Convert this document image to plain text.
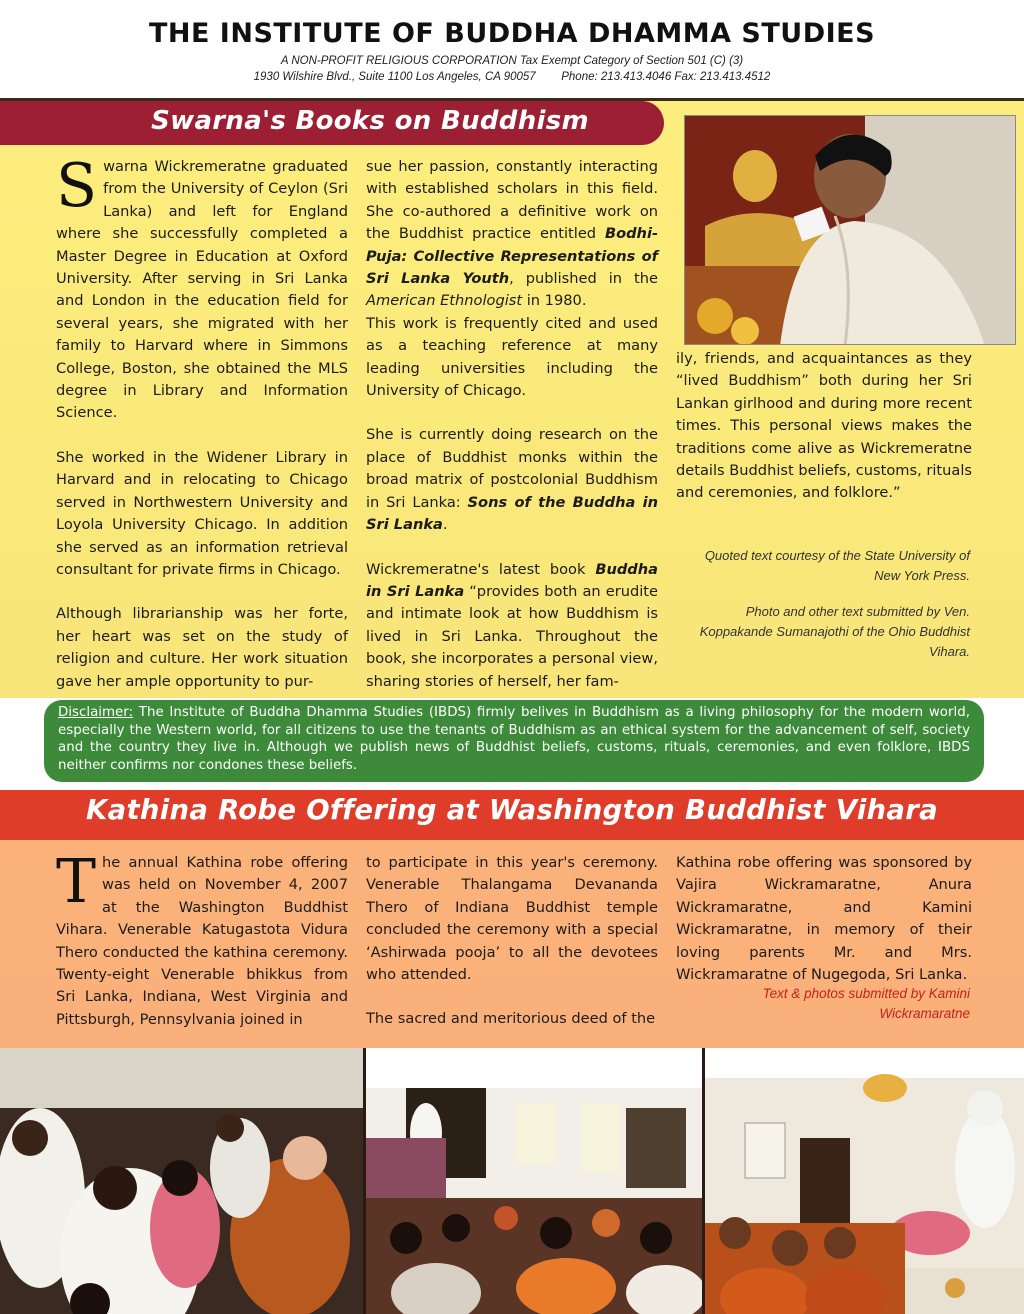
THE INSTITUTE OF BUDDHA DHAMMA STUDIES
A NON-PROFIT RELIGIOUS CORPORATION Tax Exempt Category of Section 501 (C) (3)
1930 Wilshire Blvd., Suite 1100 Los Angeles, CA 90057 Phone: 213.413.4046 Fax: 213.413.4512
Swarna's Books on Buddhism

Swarna Wickremeratne graduated from the University of Ceylon (Sri Lanka) and left for England where she successfully completed a Master Degree in Education at Oxford University. After serving in Sri Lanka and London in the education field for several years, she migrated with her family to Harvard where in Simmons College, Boston, she obtained the MLS degree in Library and Information Science.

She worked in the Widener Library in Harvard and in relocating to Chicago served in Northwestern University and Loyola University Chicago. In addition she served as an information retrieval consultant for private firms in Chicago.

Although librarianship was her forte, her heart was set on the study of religion and culture. Her work situation gave her ample opportunity to pur-

sue her passion, constantly interacting with established scholars in this field. She co-authored a definitive work on the Buddhist practice entitled Bodhi-Puja: Collective Representations of Sri Lanka Youth, published in the American Ethnologist in 1980.
This work is frequently cited and used as a teaching reference at many leading universities including the University of Chicago.

She is currently doing research on the place of Buddhist monks within the broad matrix of postcolonial Buddhism in Sri Lanka: Sons of the Buddha in Sri Lanka.

Wickremeratne's latest book Buddha in Sri Lanka “provides both an erudite and intimate look at how Buddhism is lived in Sri Lanka. Throughout the book, she incorporates a personal view, sharing stories of herself, her fam-

ily, friends, and acquaintances as they “lived Buddhism” both during her Sri Lankan girlhood and during more recent times. This personal views makes the traditions come alive as Wickremeratne details Buddhist beliefs, customs, rituals and ceremonies, and folklore.”

Quoted text courtesy of the State University of New York Press.

Photo and other text submitted by Ven. Koppakande Sumanajothi of the Ohio Buddhist Vihara.

Disclaimer: The Institute of Buddha Dhamma Studies (IBDS) firmly belives in Buddhism as a living philosophy for the modern world, especially the Western world, for all citizens to use the tenants of Buddhism as an ethical system for the advancement of self, society and the country they live in. Although we publish news of Buddhist beliefs, customs, rituals, ceremonies, and even folklore, IBDS neither confirms nor condones these beliefs.
Kathina Robe Offering at Washington Buddhist Vihara

The annual Kathina robe offering was held on November 4, 2007 at the Washington Buddhist Vihara. Venerable Katugastota Vidura Thero conducted the kathina ceremony. Twenty-eight Venerable bhikkus from Sri Lanka, Indiana, West Virginia and Pittsburgh, Pennsylvania joined in

to participate in this year's ceremony. Venerable Thalangama Devananda Thero of Indiana Buddhist temple concluded the ceremony with a special ‘Ashirwada pooja’ to all the devotees who attended.

The sacred and meritorious deed of the

Kathina robe offering was sponsored by Vajira Wickramaratne, Anura Wickramaratne, and Kamini Wickramaratne, in memory of their loving parents Mr. and Mrs. Wickramaratne of Nugegoda, Sri Lanka.

Text & photos submitted by Kamini Wickramaratne
